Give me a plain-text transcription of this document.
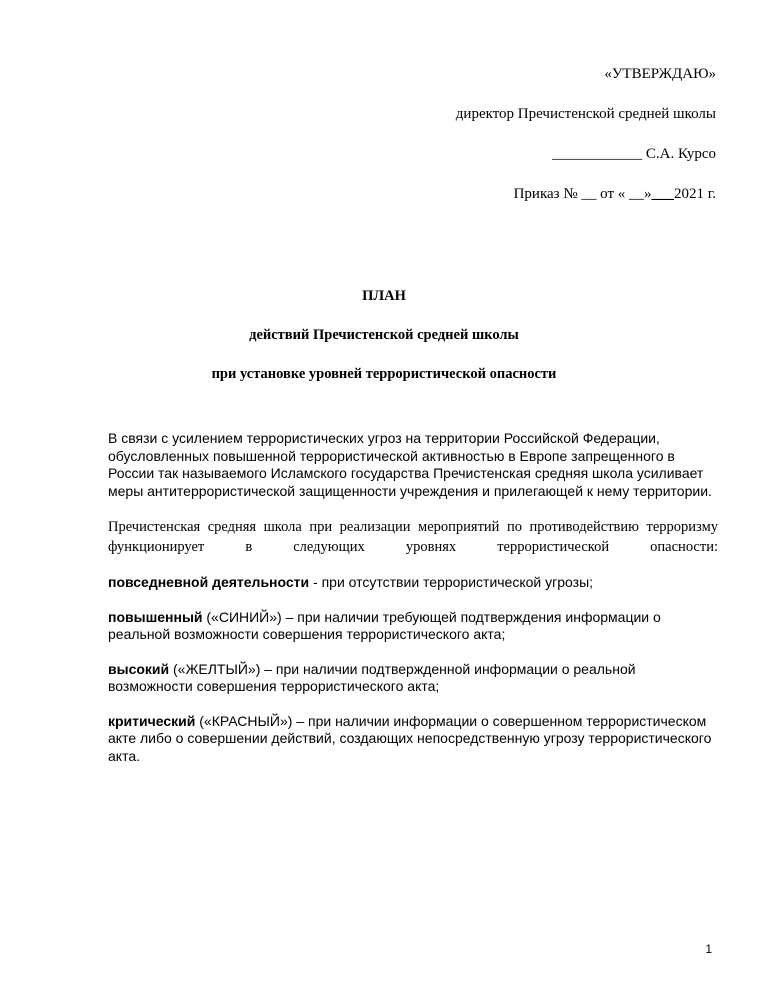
«УТВЕРЖДАЮ»
директор Пречистенской средней школы
____________ С.А. Курсо
Приказ № __ от « __»___2021 г.
ПЛАН
действий Пречистенской средней школы
при установке уровней террористической опасности

В связи с усилением террористических угроз на территории Российской Федерации, обусловленных повышенной террористической активностью в Европе запрещенного в России так называемого Исламского государства Пречистенская средняя школа усиливает меры антитеррористической защищенности учреждения и прилегающей к нему территории.

Пречистенская средняя школа при реализации мероприятий по противодействию терроризму функционирует в следующих уровнях террористической опасности:

повседневной деятельности - при отсутствии террористической угрозы;

повышенный («СИНИЙ») – при наличии требующей подтверждения информации о реальной возможности совершения террористического акта;

высокий («ЖЕЛТЫЙ») – при наличии подтвержденной информации о реальной возможности совершения террористического акта;

критический («КРАСНЫЙ») – при наличии информации о совершенном террористическом акте либо о совершении действий, создающих непосредственную угрозу террористического акта.

1
